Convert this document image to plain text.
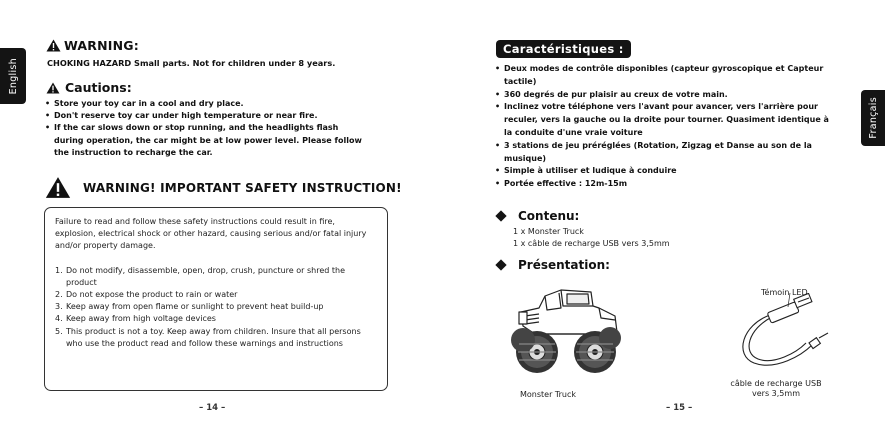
English
WARNING:
CHOKING HAZARD Small parts. Not for children under 8 years.
Cautions:
• Store your toy car in a cool and dry place.
• Don't reserve toy car under high temperature or near fire.
• If the car slows down or stop running, and the headlights flash during operation, the car might be at low power level. Please follow the instruction to recharge the car.
WARNING! IMPORTANT SAFETY INSTRUCTION!

Failure to read and follow these safety instructions could result in fire, explosion, electrical shock or other hazard, causing serious and/or fatal injury and/or property damage.

1. Do not modify, disassemble, open, drop, crush, puncture or shred the product
2. Do not expose the product to rain or water
3. Keep away from open flame or sunlight to prevent heat build-up
4. Keep away from high voltage devices
5. This product is not a toy. Keep away from children. Insure that all persons who use the product read and follow these warnings and instructions
– 14 –
Français
Caractéristiques :
• Deux modes de contrôle disponibles (capteur gyroscopique et Capteur tactile)
• 360 degrés de pur plaisir au creux de votre main.
• Inclinez votre téléphone vers l'avant pour avancer, vers l'arrière pour reculer, vers la gauche ou la droite pour tourner. Quasiment identique à la conduite d'une vraie voiture
• 3 stations de jeu préréglées (Rotation, Zigzag et Danse au son de la musique)
• Simple à utiliser et ludique à conduire
• Portée effective : 12m-15m
Contenu:
1 x Monster Truck
1 x câble de recharge USB vers 3,5mm
Présentation:
Monster Truck
Témoin LED
câble de recharge USB vers 3,5mm
– 15 –
